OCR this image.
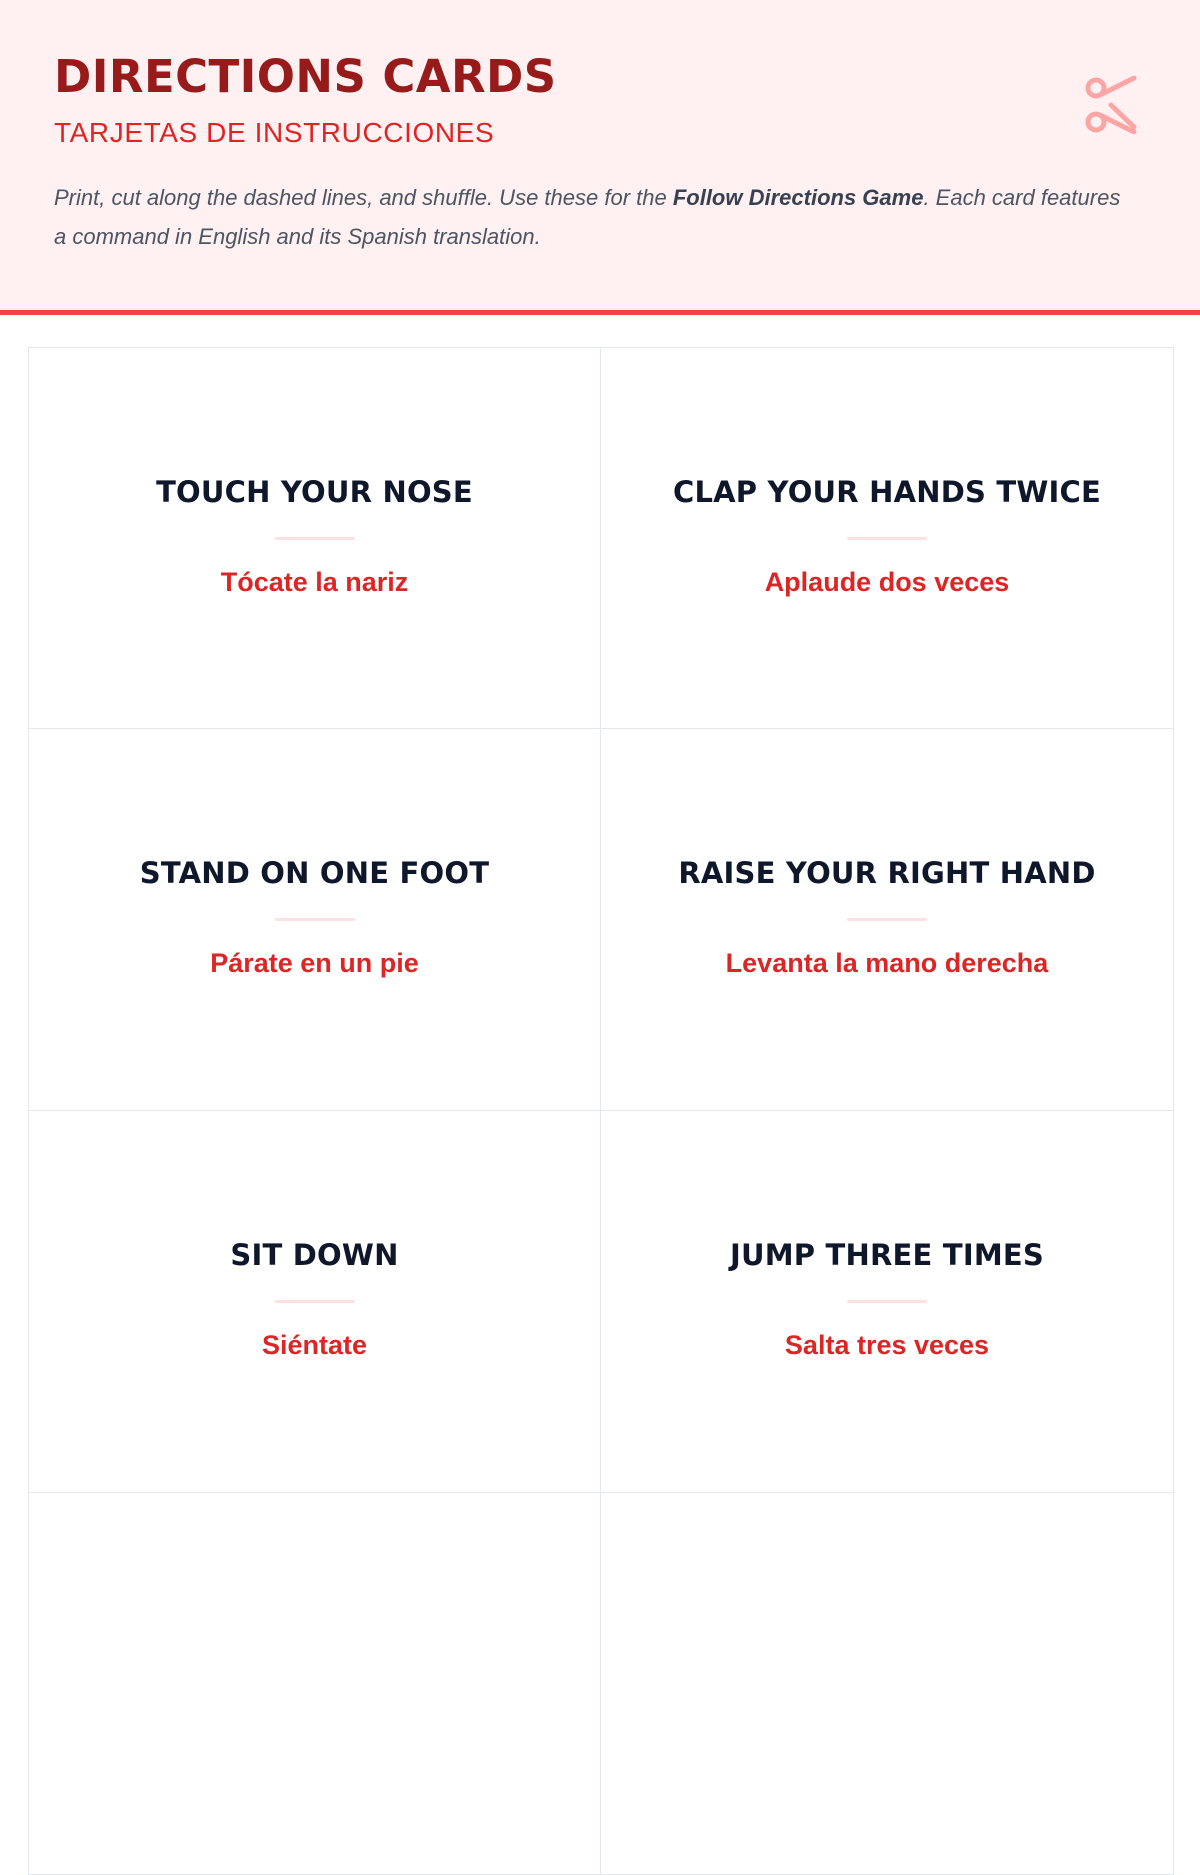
DIRECTIONS CARDS
TARJETAS DE INSTRUCCIONES

Print, cut along the dashed lines, and shuffle. Use these for the Follow Directions Game. Each card features a command in English and its Spanish translation.

TOUCH YOUR NOSE
Tócate la nariz
CLAP YOUR HANDS TWICE
Aplaude dos veces
STAND ON ONE FOOT
Párate en un pie
RAISE YOUR RIGHT HAND
Levanta la mano derecha
SIT DOWN
Siéntate
JUMP THREE TIMES
Salta tres veces
